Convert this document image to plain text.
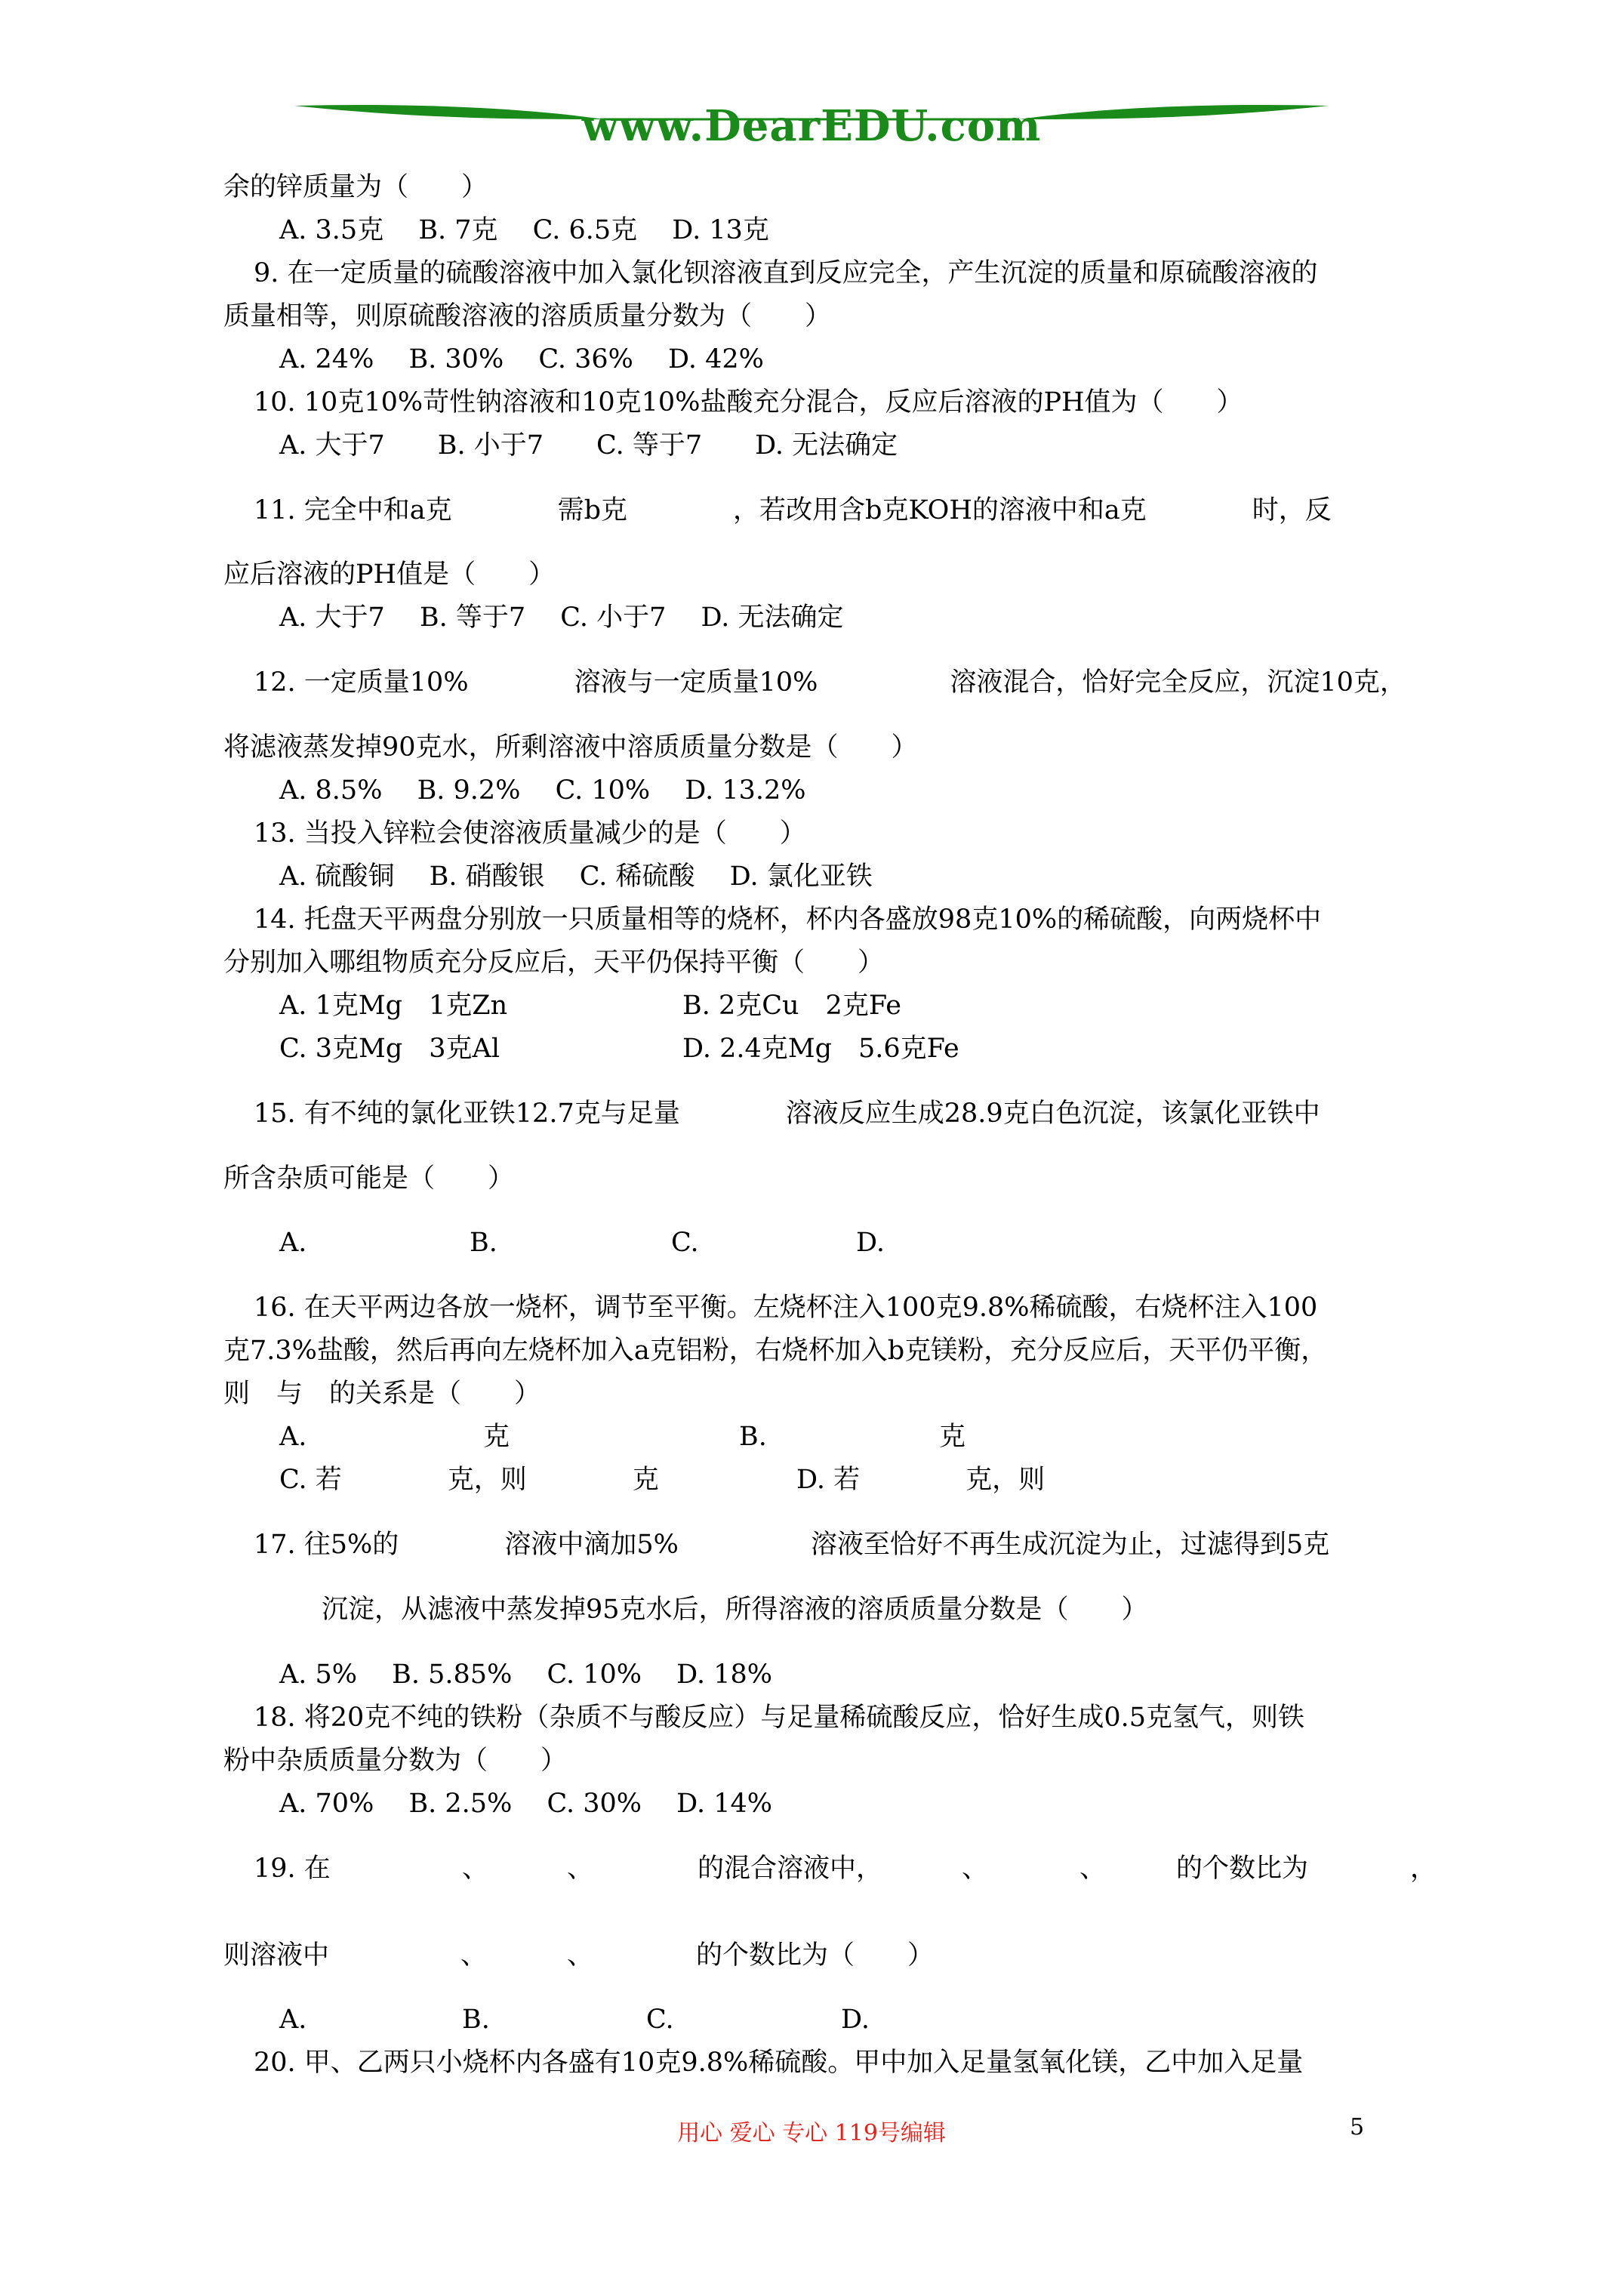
www.DearEDU.com
余的锌质量为（　　）
A. 3.5克　 B. 7克　 C. 6.5克　 D. 13克
9. 在一定质量的硫酸溶液中加入氯化钡溶液直到反应完全，产生沉淀的质量和原硫酸溶液的
质量相等，则原硫酸溶液的溶质质量分数为（　　）
A. 24%　 B. 30%　 C. 36%　 D. 42%
10. 10克10%苛性钠溶液和10克10%盐酸充分混合，反应后溶液的PH值为（　　）
A. 大于7　　B. 小于7　　C. 等于7　　D. 无法确定
11. 完全中和a克　　　　需b克　　　　，若改用含b克KOH的溶液中和a克　　　　时，反
应后溶液的PH值是（　　）
A. 大于7　 B. 等于7　 C. 小于7　 D. 无法确定
12. 一定质量10%　　　　溶液与一定质量10%　　　　　溶液混合，恰好完全反应，沉淀10克，
将滤液蒸发掉90克水，所剩溶液中溶质质量分数是（　　）
A. 8.5%　 B. 9.2%　 C. 10%　 D. 13.2%
13. 当投入锌粒会使溶液质量减少的是（　　）
A. 硫酸铜　 B. 硝酸银　 C. 稀硫酸　 D. 氯化亚铁
14. 托盘天平两盘分别放一只质量相等的烧杯，杯内各盛放98克10%的稀硫酸，向两烧杯中
分别加入哪组物质充分反应后，天平仍保持平衡（　　）
A. 1克Mg　1克Zn	B. 2克Cu　2克Fe
C. 3克Mg　3克Al	D. 2.4克Mg　5.6克Fe
15. 有不纯的氯化亚铁12.7克与足量　　　　溶液反应生成28.9克白色沉淀，该氯化亚铁中
所含杂质可能是（　　）
A.	B.	C.	D.
16. 在天平两边各放一烧杯，调节至平衡。左烧杯注入100克9.8%稀硫酸，右烧杯注入100
克7.3%盐酸，然后再向左烧杯加入a克铝粉，右烧杯加入b克镁粉，充分反应后，天平仍平衡，
则　与　的关系是（　　）
A.	克	B.	克
C. 若　　　　克，则　　　　克	D. 若　　　　克，则
17. 往5%的　　　　溶液中滴加5%　　　　　溶液至恰好不再生成沉淀为止，过滤得到5克
沉淀，从滤液中蒸发掉95克水后，所得溶液的溶质质量分数是（　　）
A. 5%　 B. 5.85%　 C. 10%　 D. 18%
18. 将20克不纯的铁粉（杂质不与酸反应）与足量稀硫酸反应，恰好生成0.5克氢气，则铁
粉中杂质质量分数为（　　）
A. 70%　 B. 2.5%　 C. 30%　 D. 14%
19. 在	、	、	的混合溶液中，	、	、	的个数比为	，
则溶液中	、	、	的个数比为（　　）
A.	B.	C.	D.
20. 甲、乙两只小烧杯内各盛有10克9.8%稀硫酸。甲中加入足量氢氧化镁，乙中加入足量
用心 爱心 专心 119号编辑	5
